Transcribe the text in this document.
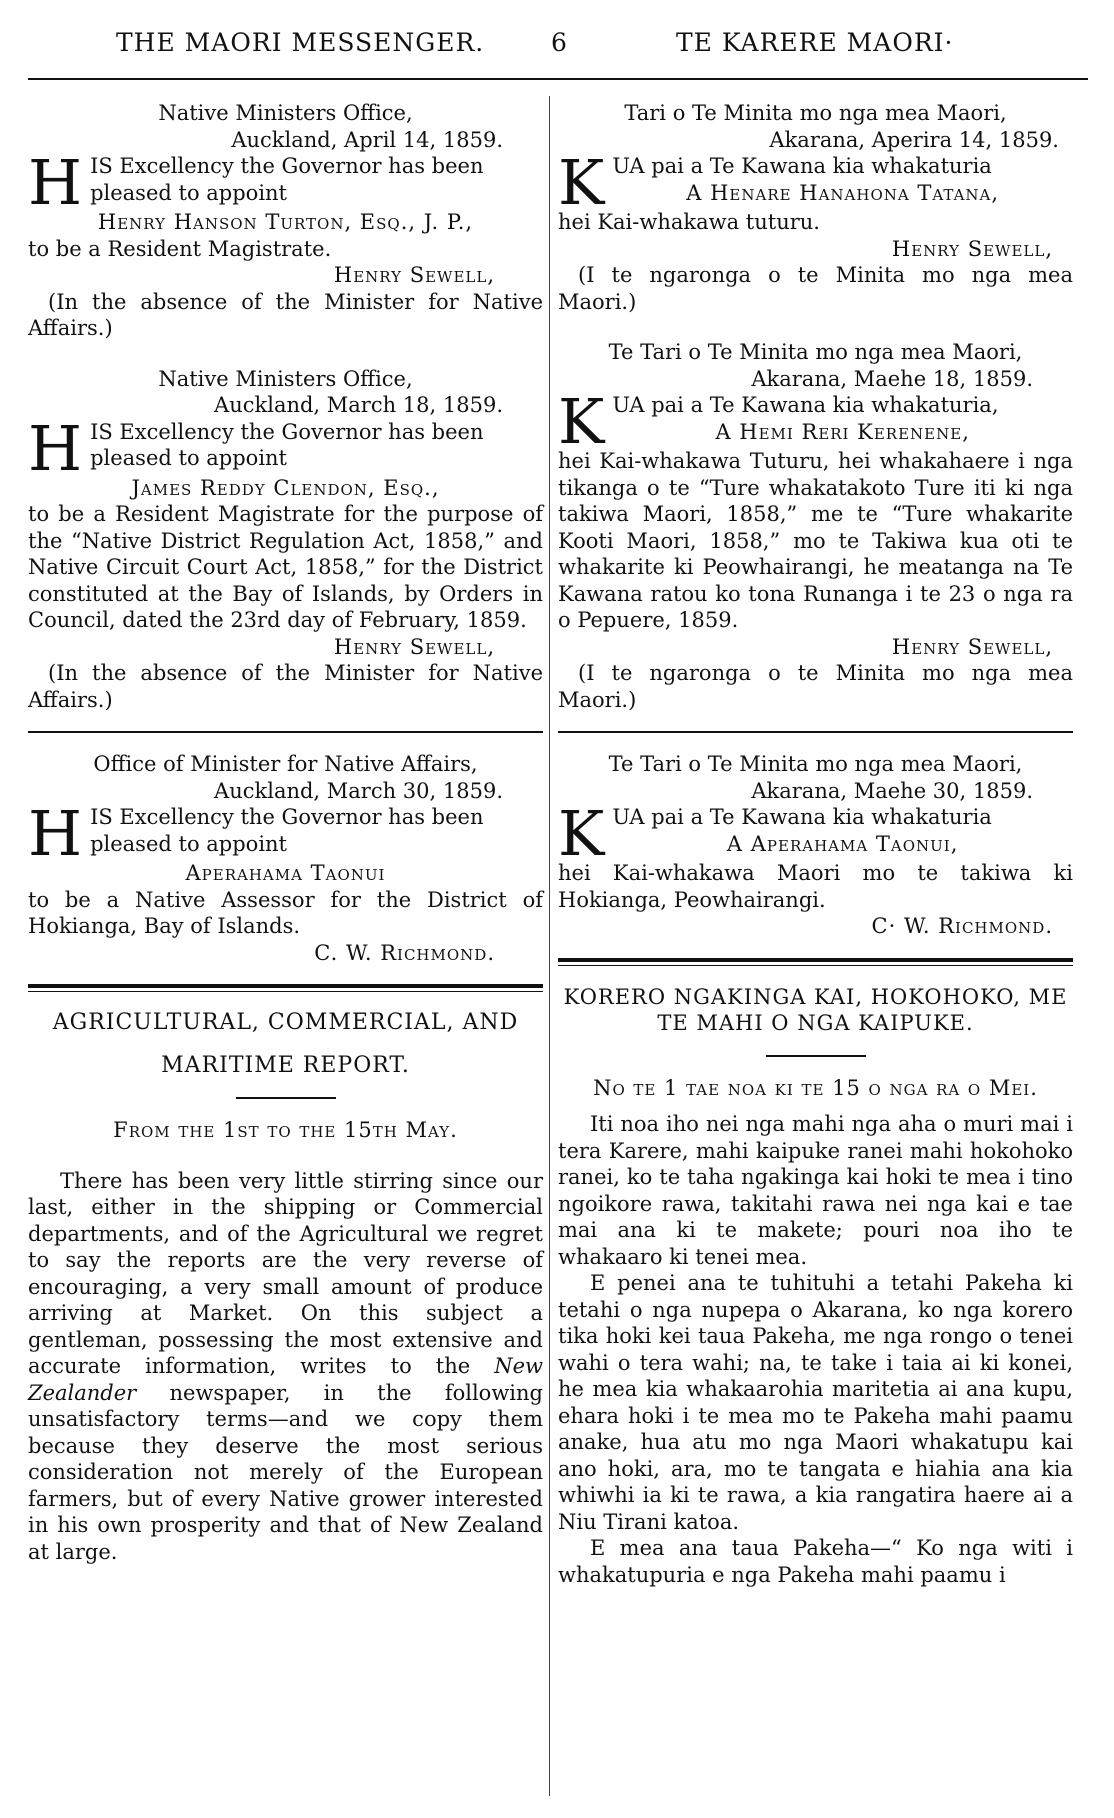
THE MAORI MESSENGER.	6	TE KARERE MAORI·

Native Ministers Office,

Auckland, April 14, 1859.

H IS Excellency the Governor has been

pleased to appoint

Henry Hanson Turton, Esq., J. P.,

to be a Resident Magistrate.

Henry Sewell,

(In the absence of the Minister for Native Affairs.)

Native Ministers Office,

Auckland, March 18, 1859.

H IS Excellency the Governor has been

pleased to appoint

James Reddy Clendon, Esq.,

to be a Resident Magistrate for the purpose of the “Native District Regulation Act, 1858,” and Native Circuit Court Act, 1858,” for the District constituted at the Bay of Islands, by Orders in Council, dated the 23rd day of February, 1859.

Henry Sewell,

(In the absence of the Minister for Native Affairs.)

Office of Minister for Native Affairs,

Auckland, March 30, 1859.

H IS Excellency the Governor has been

pleased to appoint

Aperahama Taonui

to be a Native Assessor for the District of Hokianga, Bay of Islands.

C. W. Richmond.

AGRICULTURAL, COMMERCIAL, AND

MARITIME REPORT.

From the 1st to the 15th May.

There has been very little stirring since our last, either in the shipping or Commercial departments, and of the Agricultural we regret to say the reports are the very reverse of encouraging, a very small amount of produce arriving at Market. On this subject a gentleman, possessing the most extensive and accurate information, writes to the New Zealander newspaper, in the following unsatisfactory terms—and we copy them because they deserve the most serious consideration not merely of the European farmers, but of every Native grower interested in his own prosperity and that of New Zealand at large.

Tari o Te Minita mo nga mea Maori,

Akarana, Aperira 14, 1859.

K UA pai a Te Kawana kia whakaturia

A Henare Hanahona Tatana,

hei Kai-whakawa tuturu.

Henry Sewell,

(I te ngaronga o te Minita mo nga mea Maori.)

Te Tari o Te Minita mo nga mea Maori,

Akarana, Maehe 18, 1859.

K UA pai a Te Kawana kia whakaturia,

A Hemi Reri Kerenene,

hei Kai-whakawa Tuturu, hei whakahaere i nga tikanga o te “Ture whakatakoto Ture iti ki nga takiwa Maori, 1858,” me te “Ture whakarite Kooti Maori, 1858,” mo te Takiwa kua oti te whakarite ki Peowhairangi, he meatanga na Te Kawana ratou ko tona Runanga i te 23 o nga ra o Pepuere, 1859.

Henry Sewell,

(I te ngaronga o te Minita mo nga mea Maori.)

Te Tari o Te Minita mo nga mea Maori,

Akarana, Maehe 30, 1859.

K UA pai a Te Kawana kia whakaturia

A Aperahama Taonui,

hei Kai-whakawa Maori mo te takiwa ki Hokianga, Peowhairangi.

C· W. Richmond.

KORERO NGAKINGA KAI, HOKOHOKO, ME TE MAHI O NGA KAIPUKE.

No te 1 tae noa ki te 15 o nga ra o Mei.

Iti noa iho nei nga mahi nga aha o muri mai i tera Karere, mahi kaipuke ranei mahi hokohoko ranei, ko te taha ngakinga kai hoki te mea i tino ngoikore rawa, takitahi rawa nei nga kai e tae mai ana ki te makete; pouri noa iho te whakaaro ki tenei mea.

E penei ana te tuhituhi a tetahi Pakeha ki tetahi o nga nupepa o Akarana, ko nga korero tika hoki kei taua Pakeha, me nga rongo o tenei wahi o tera wahi; na, te take i taia ai ki konei, he mea kia whakaarohia maritetia ai ana kupu, ehara hoki i te mea mo te Pakeha mahi paamu anake, hua atu mo nga Maori whakatupu kai ano hoki, ara, mo te tangata e hiahia ana kia whiwhi ia ki te rawa, a kia rangatira haere ai a Niu Tirani katoa.

E mea ana taua Pakeha—“ Ko nga witi i whakatupuria e nga Pakeha mahi paamu i
